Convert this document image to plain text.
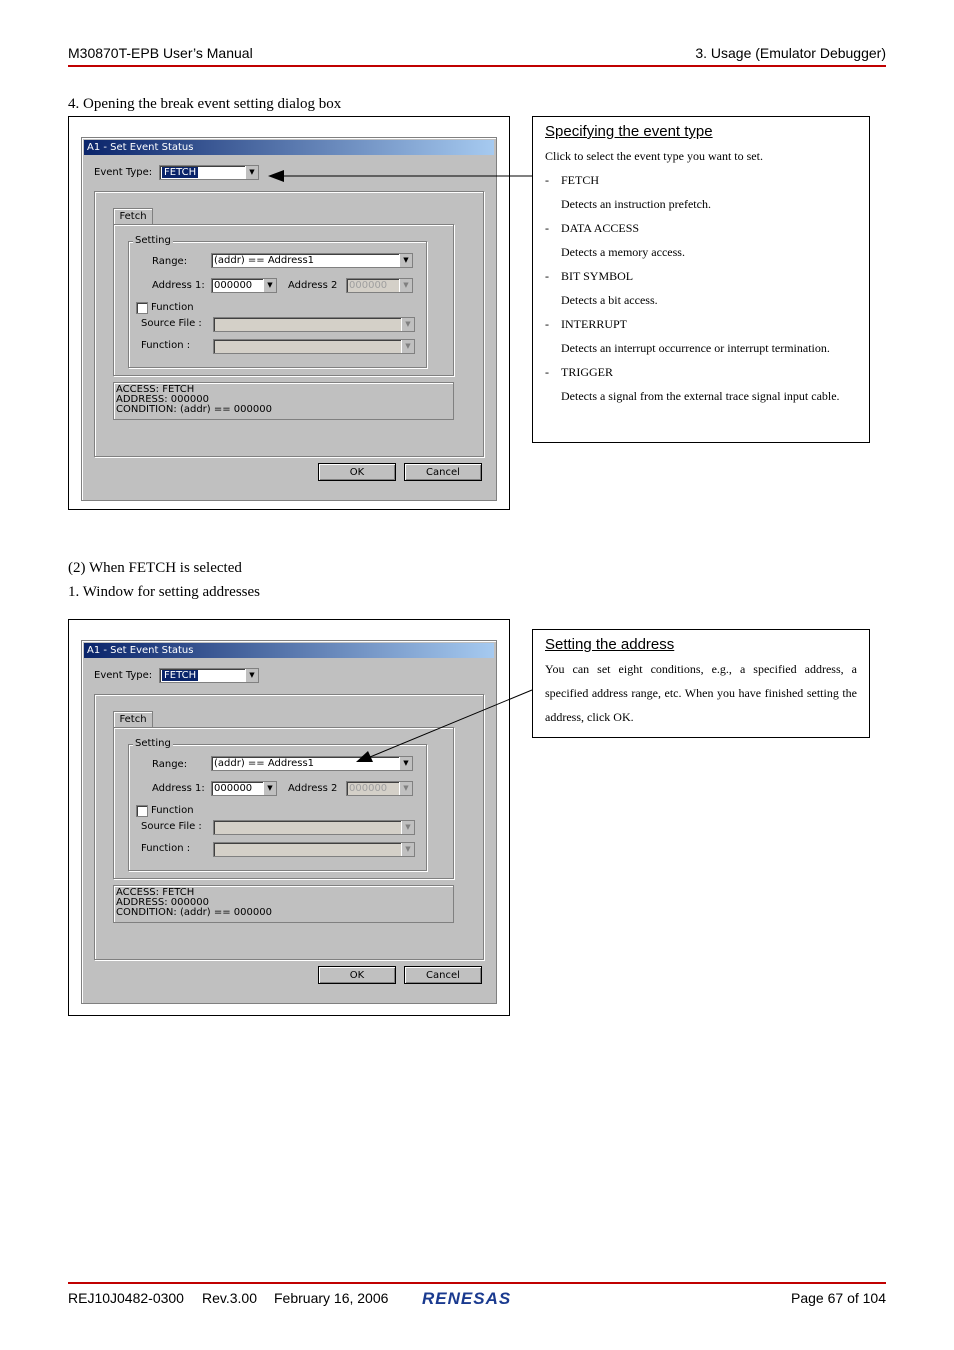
M30870T-EPB User’s Manual	3. Usage (Emulator Debugger)
4. Opening the break event setting dialog box
A1 - Set Event Status
Event Type:	FETCH	▼
Fetch
Setting
Range:	(addr) == Address1	▼
Address 1: 000000	▼	Address 2	000000	▼
Function
Source File :	▼
Function :	▼
ACCESS: FETCH
ADDRESS: 000000
CONDITION: (addr) == 000000
OK	Cancel
Specifying the event type

Click to select the event type you want to set.

-	FETCH
Detects an instruction prefetch.
-	DATA ACCESS
Detects a memory access.
-	BIT SYMBOL
Detects a bit access.
-	INTERRUPT
Detects an interrupt occurrence or interrupt termination.
-	TRIGGER
Detects a signal from the external trace signal input cable.
(2) When FETCH is selected
1. Window for setting addresses
A1 - Set Event Status
Event Type:	FETCH	▼
Fetch
Setting
Range:	(addr) == Address1	▼
Address 1: 000000	▼	Address 2	000000	▼
Function
Source File :	▼
Function :	▼
ACCESS: FETCH
ADDRESS: 000000
CONDITION: (addr) == 000000
OK	Cancel
Setting the address

You can set eight conditions, e.g., a specified address, a specified address range, etc. When you have finished setting the address, click OK.

REJ10J0482-0300 Rev.3.00 February 16, 2006 RENESAS	Page 67 of 104
